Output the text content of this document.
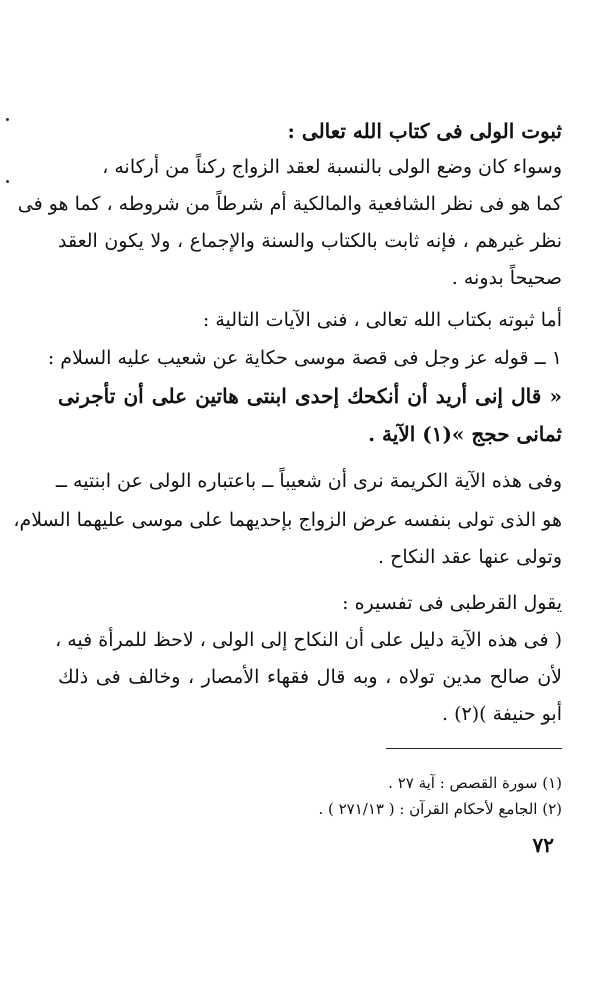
ثبوت الولى فى كتاب الله تعالى :
وسواء كان وضع الولى بالنسبة لعقد الزواج ركناً من أركانه ،
كما هو فى نظر الشافعية والمالكية أم شرطاً من شروطه ، كما هو فى
نظر غيرهم ، فإنه ثابت بالكتاب والسنة والإجماع ، ولا يكون العقد
صحيحاً بدونه .
أما ثبوته بكتاب الله تعالى ، فنى الآيات التالية :
١ ــ قوله عز وجل فى قصة موسى حكاية عن شعيب عليه السلام :
« قال إنى أريد أن أنكحك إحدى ابنتى هاتين على أن تأجرنى
ثمانى حجج »(١) الآية .
وفى هذه الآية الكريمة نرى أن شعيباً ــ باعتباره الولى عن ابنتيه ــ
هو الذى تولى بنفسه عرض الزواج بإحديهما على موسى عليهما السلام،
وتولى عنها عقد النكاح .
يقول القرطبى فى تفسيره :
( فى هذه الآية دليل على أن النكاح إلى الولى ، لاحظ للمرأة فيه ،
لأن صالح مدين تولاه ، وبه قال فقهاء الأمصار ، وخالف فى ذلك
أبو حنيفة )(٢) .
(١) سورة القصص : آية ٢٧ .
(٢) الجامع لأحكام القرآن : ( ٢٧١/١٣ ) .
٧٢
